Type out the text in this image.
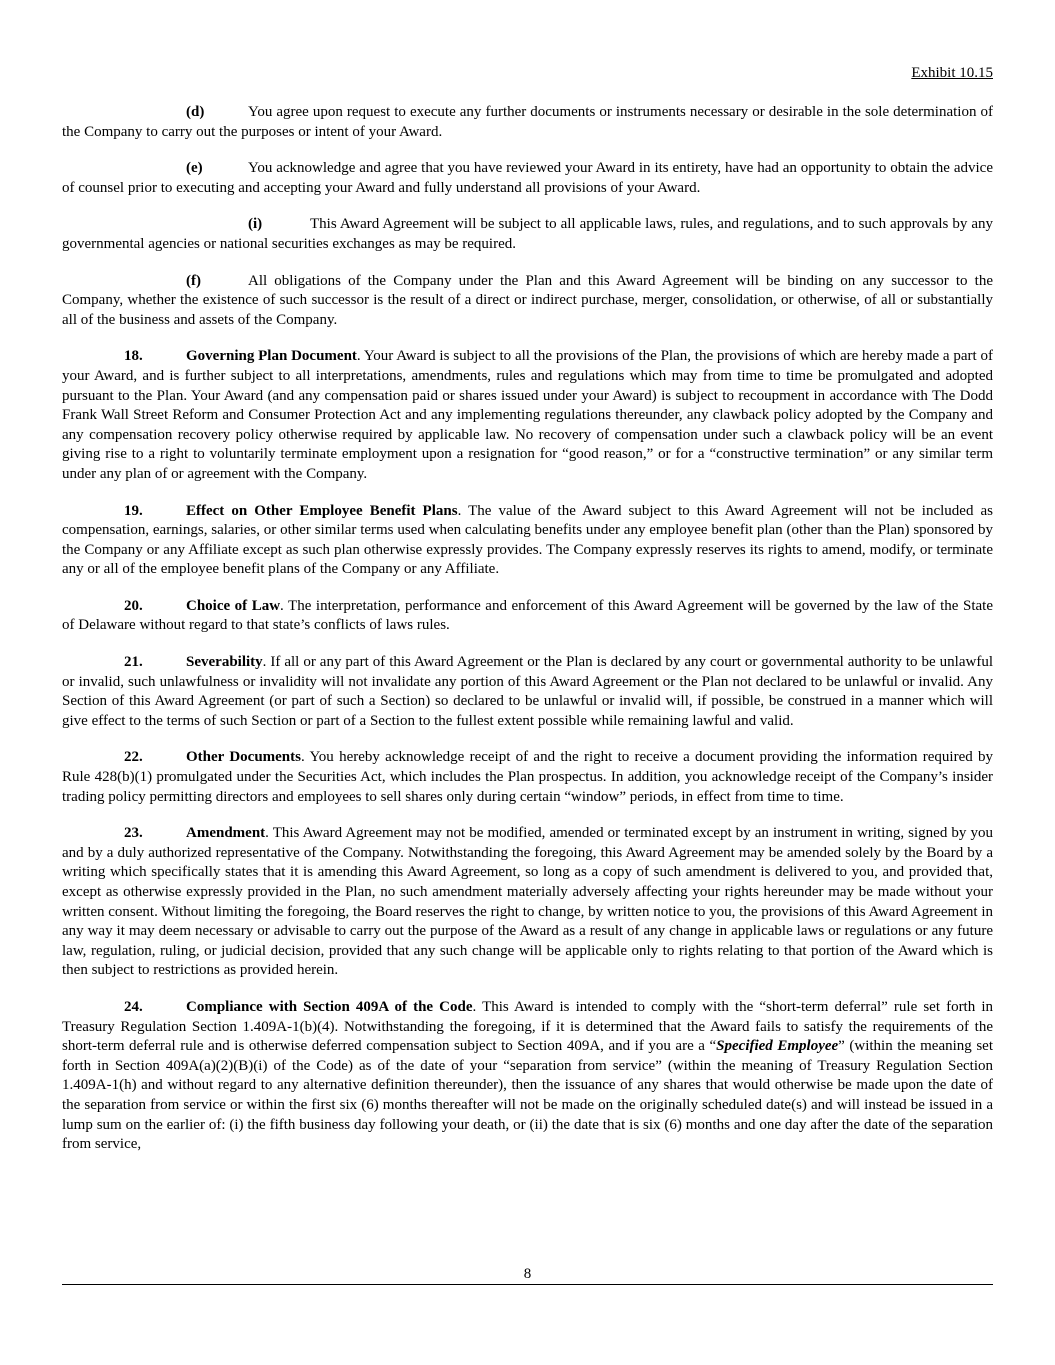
Exhibit 10.15

(d)	You agree upon request to execute any further documents or instruments necessary or desirable in the sole determination of the Company to carry out the purposes or intent of your Award.

(e)	You acknowledge and agree that you have reviewed your Award in its entirety, have had an opportunity to obtain the advice of counsel prior to executing and accepting your Award and fully understand all provisions of your Award.

(i)	This Award Agreement will be subject to all applicable laws, rules, and regulations, and to such approvals by any governmental agencies or national securities exchanges as may be required.

(f)	All obligations of the Company under the Plan and this Award Agreement will be binding on any successor to the Company, whether the existence of such successor is the result of a direct or indirect purchase, merger, consolidation, or otherwise, of all or substantially all of the business and assets of the Company.

18.	Governing Plan Document. Your Award is subject to all the provisions of the Plan, the provisions of which are hereby made a part of your Award, and is further subject to all interpretations, amendments, rules and regulations which may from time to time be promulgated and adopted pursuant to the Plan. Your Award (and any compensation paid or shares issued under your Award) is subject to recoupment in accordance with The Dodd Frank Wall Street Reform and Consumer Protection Act and any implementing regulations thereunder, any clawback policy adopted by the Company and any compensation recovery policy otherwise required by applicable law. No recovery of compensation under such a clawback policy will be an event giving rise to a right to voluntarily terminate employment upon a resignation for “good reason,” or for a “constructive termination” or any similar term under any plan of or agreement with the Company.

19.	Effect on Other Employee Benefit Plans. The value of the Award subject to this Award Agreement will not be included as compensation, earnings, salaries, or other similar terms used when calculating benefits under any employee benefit plan (other than the Plan) sponsored by the Company or any Affiliate except as such plan otherwise expressly provides. The Company expressly reserves its rights to amend, modify, or terminate any or all of the employee benefit plans of the Company or any Affiliate.

20.	Choice of Law. The interpretation, performance and enforcement of this Award Agreement will be governed by the law of the State of Delaware without regard to that state’s conflicts of laws rules.

21.	Severability. If all or any part of this Award Agreement or the Plan is declared by any court or governmental authority to be unlawful or invalid, such unlawfulness or invalidity will not invalidate any portion of this Award Agreement or the Plan not declared to be unlawful or invalid. Any Section of this Award Agreement (or part of such a Section) so declared to be unlawful or invalid will, if possible, be construed in a manner which will give effect to the terms of such Section or part of a Section to the fullest extent possible while remaining lawful and valid.

22.	Other Documents. You hereby acknowledge receipt of and the right to receive a document providing the information required by Rule 428(b)(1) promulgated under the Securities Act, which includes the Plan prospectus. In addition, you acknowledge receipt of the Company’s insider trading policy permitting directors and employees to sell shares only during certain “window” periods, in effect from time to time.

23.	Amendment. This Award Agreement may not be modified, amended or terminated except by an instrument in writing, signed by you and by a duly authorized representative of the Company. Notwithstanding the foregoing, this Award Agreement may be amended solely by the Board by a writing which specifically states that it is amending this Award Agreement, so long as a copy of such amendment is delivered to you, and provided that, except as otherwise expressly provided in the Plan, no such amendment materially adversely affecting your rights hereunder may be made without your written consent. Without limiting the foregoing, the Board reserves the right to change, by written notice to you, the provisions of this Award Agreement in any way it may deem necessary or advisable to carry out the purpose of the Award as a result of any change in applicable laws or regulations or any future law, regulation, ruling, or judicial decision, provided that any such change will be applicable only to rights relating to that portion of the Award which is then subject to restrictions as provided herein.

24.	Compliance with Section 409A of the Code. This Award is intended to comply with the “short-term deferral” rule set forth in Treasury Regulation Section 1.409A-1(b)(4). Notwithstanding the foregoing, if it is determined that the Award fails to satisfy the requirements of the short-term deferral rule and is otherwise deferred compensation subject to Section 409A, and if you are a “Specified Employee” (within the meaning set forth in Section 409A(a)(2)(B)(i) of the Code) as of the date of your “separation from service” (within the meaning of Treasury Regulation Section 1.409A-1(h) and without regard to any alternative definition thereunder), then the issuance of any shares that would otherwise be made upon the date of the separation from service or within the first six (6) months thereafter will not be made on the originally scheduled date(s) and will instead be issued in a lump sum on the earlier of: (i) the fifth business day following your death, or (ii) the date that is six (6) months and one day after the date of the separation from service,

8
